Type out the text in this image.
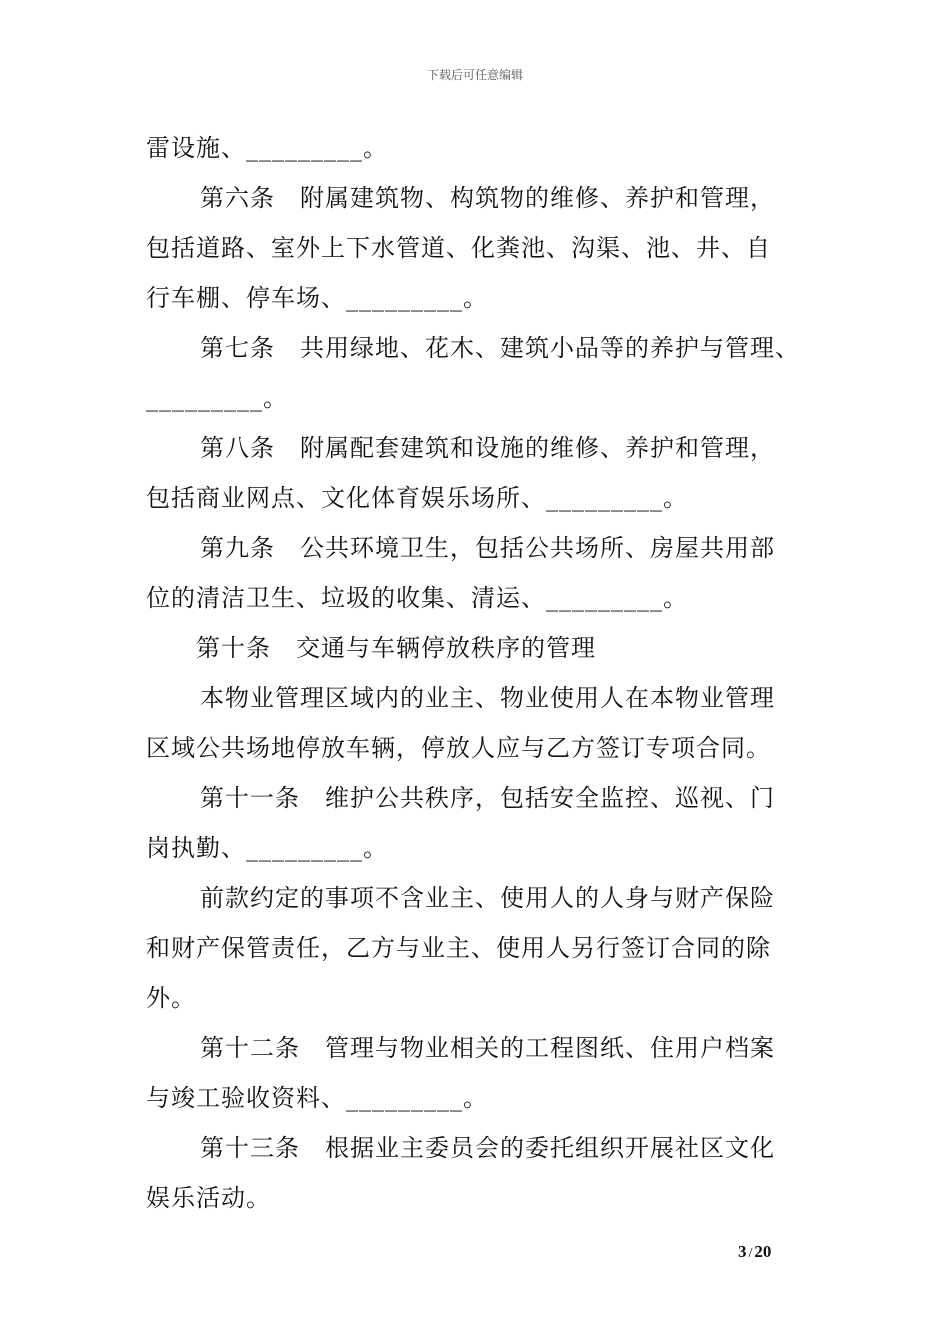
下载后可任意编辑
雷设施、_________。
第六条　附属建筑物、构筑物的维修、养护和管理，
包括道路、室外上下水管道、化粪池、沟渠、池、井、自
行车棚、停车场、_________。
第七条　共用绿地、花木、建筑小品等的养护与管理、
_________。
第八条　附属配套建筑和设施的维修、养护和管理，
包括商业网点、文化体育娱乐场所、_________。
第九条　公共环境卫生，包括公共场所、房屋共用部
位的清洁卫生、垃圾的收集、清运、_________。
第十条　交通与车辆停放秩序的管理
本物业管理区域内的业主、物业使用人在本物业管理
区域公共场地停放车辆，停放人应与乙方签订专项合同。
第十一条　维护公共秩序，包括安全监控、巡视、门
岗执勤、_________。
前款约定的事项不含业主、使用人的人身与财产保险
和财产保管责任，乙方与业主、使用人另行签订合同的除
外。
第十二条　管理与物业相关的工程图纸、住用户档案
与竣工验收资料、_________。
第十三条　根据业主委员会的委托组织开展社区文化
娱乐活动。
3 / 20
